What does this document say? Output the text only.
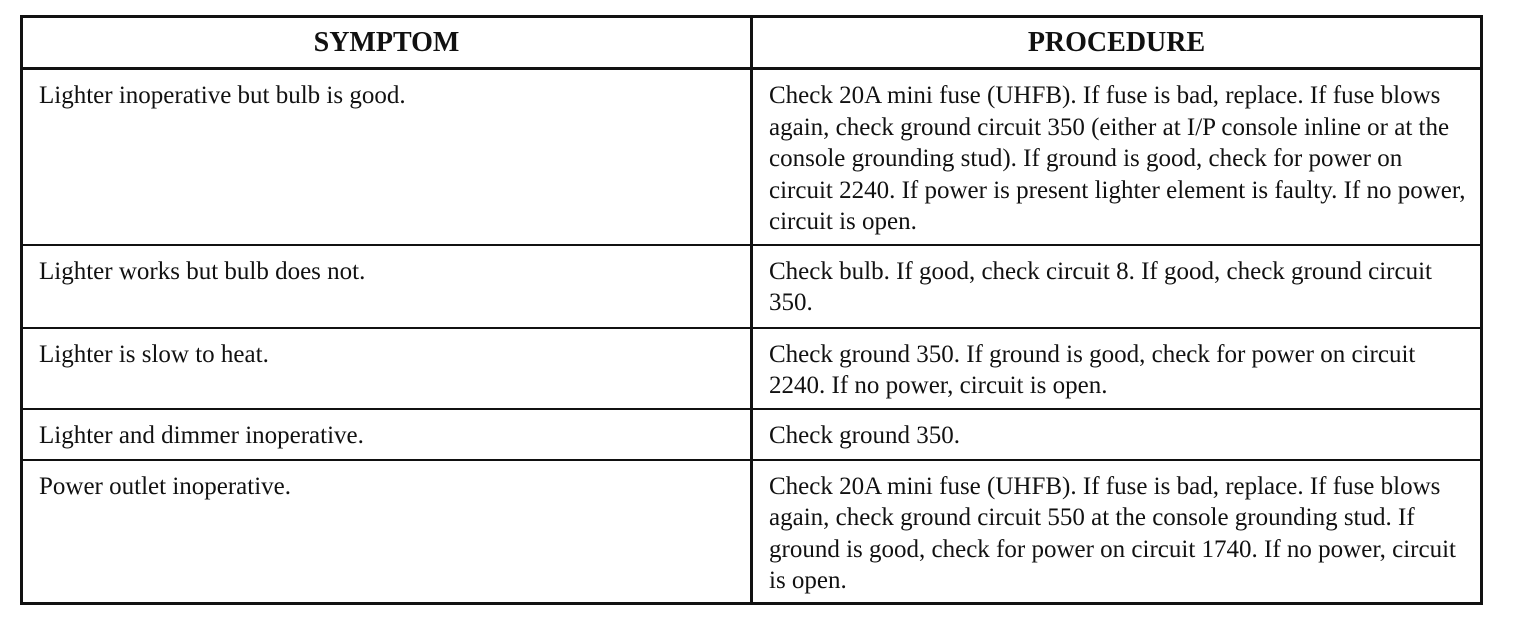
SYMPTOM	PROCEDURE
Lighter inoperative but bulb is good.	Check 20A mini fuse (UHFB). If fuse is bad, replace. If fuse blows again, check ground circuit 350 (either at I/P console inline or at the console grounding stud). If ground is good, check for power on circuit 2240. If power is present lighter element is faulty. If no power, circuit is open.
Lighter works but bulb does not.	Check bulb. If good, check circuit 8. If good, check ground circuit 350.
Lighter is slow to heat.	Check ground 350. If ground is good, check for power on circuit 2240. If no power, circuit is open.
Lighter and dimmer inoperative.	Check ground 350.
Power outlet inoperative.	Check 20A mini fuse (UHFB). If fuse is bad, replace. If fuse blows again, check ground circuit 550 at the console grounding stud. If ground is good, check for power on circuit 1740. If no power, circuit is open.
